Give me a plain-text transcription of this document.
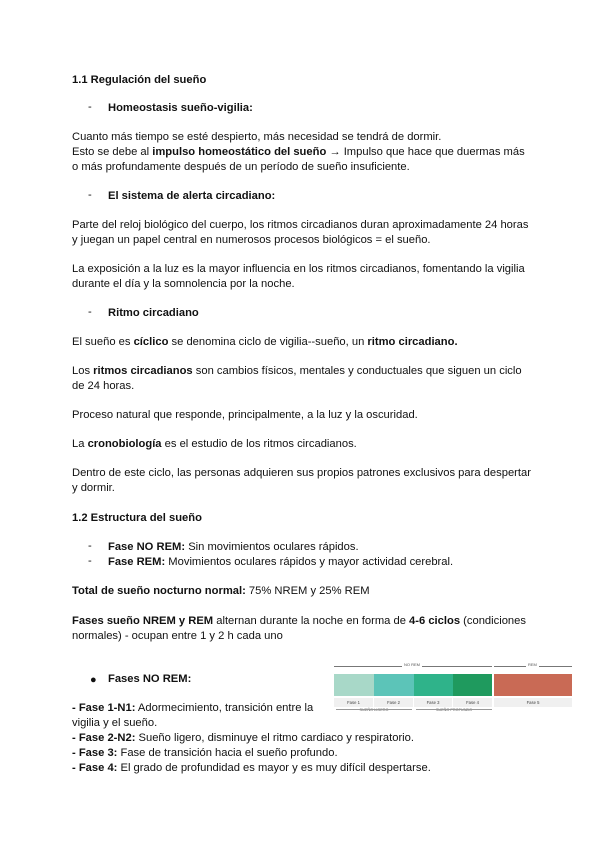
1.1 Regulación del sueño
- Homeostasis sueño-vigilia:
Cuanto más tiempo se esté despierto, más necesidad se tendrá de dormir.
Esto se debe al impulso homeostático del sueño → Impulso que hace que duermas más
o más profundamente después de un período de sueño insuficiente.
- El sistema de alerta circadiano:
Parte del reloj biológico del cuerpo, los ritmos circadianos duran aproximadamente 24 horas
y juegan un papel central en numerosos procesos biológicos = el sueño.
La exposición a la luz es la mayor influencia en los ritmos circadianos, fomentando la vigilia
durante el día y la somnolencia por la noche.
- Ritmo circadiano
El sueño es cíclico se denomina ciclo de vigilia--sueño, un ritmo circadiano.
Los ritmos circadianos son cambios físicos, mentales y conductuales que siguen un ciclo
de 24 horas.
Proceso natural que responde, principalmente, a la luz y la oscuridad.
La cronobiología es el estudio de los ritmos circadianos.
Dentro de este ciclo, las personas adquieren sus propios patrones exclusivos para despertar
y dormir.
1.2 Estructura del sueño
- Fase NO REM: Sin movimientos oculares rápidos.
- Fase REM: Movimientos oculares rápidos y mayor actividad cerebral.
Total de sueño nocturno normal: 75% NREM y 25% REM
Fases sueño NREM y REM alternan durante la noche en forma de 4-6 ciclos (condiciones
normales) - ocupan entre 1 y 2 h cada uno
● Fases NO REM:
- Fase 1-N1: Adormecimiento, transición entre la
vigilia y el sueño.
- Fase 2-N2: Sueño ligero, disminuye el ritmo cardiaco y respiratorio.
- Fase 3: Fase de transición hacia el sueño profundo.
- Fase 4: El grado de profundidad es mayor y es muy difícil despertarse.
NO REM	REM
Fase 1	Fase 2	Fase 3	Fase 4	Fase 5
SUEÑO LIGERO	SUEÑO PROFUNDO
